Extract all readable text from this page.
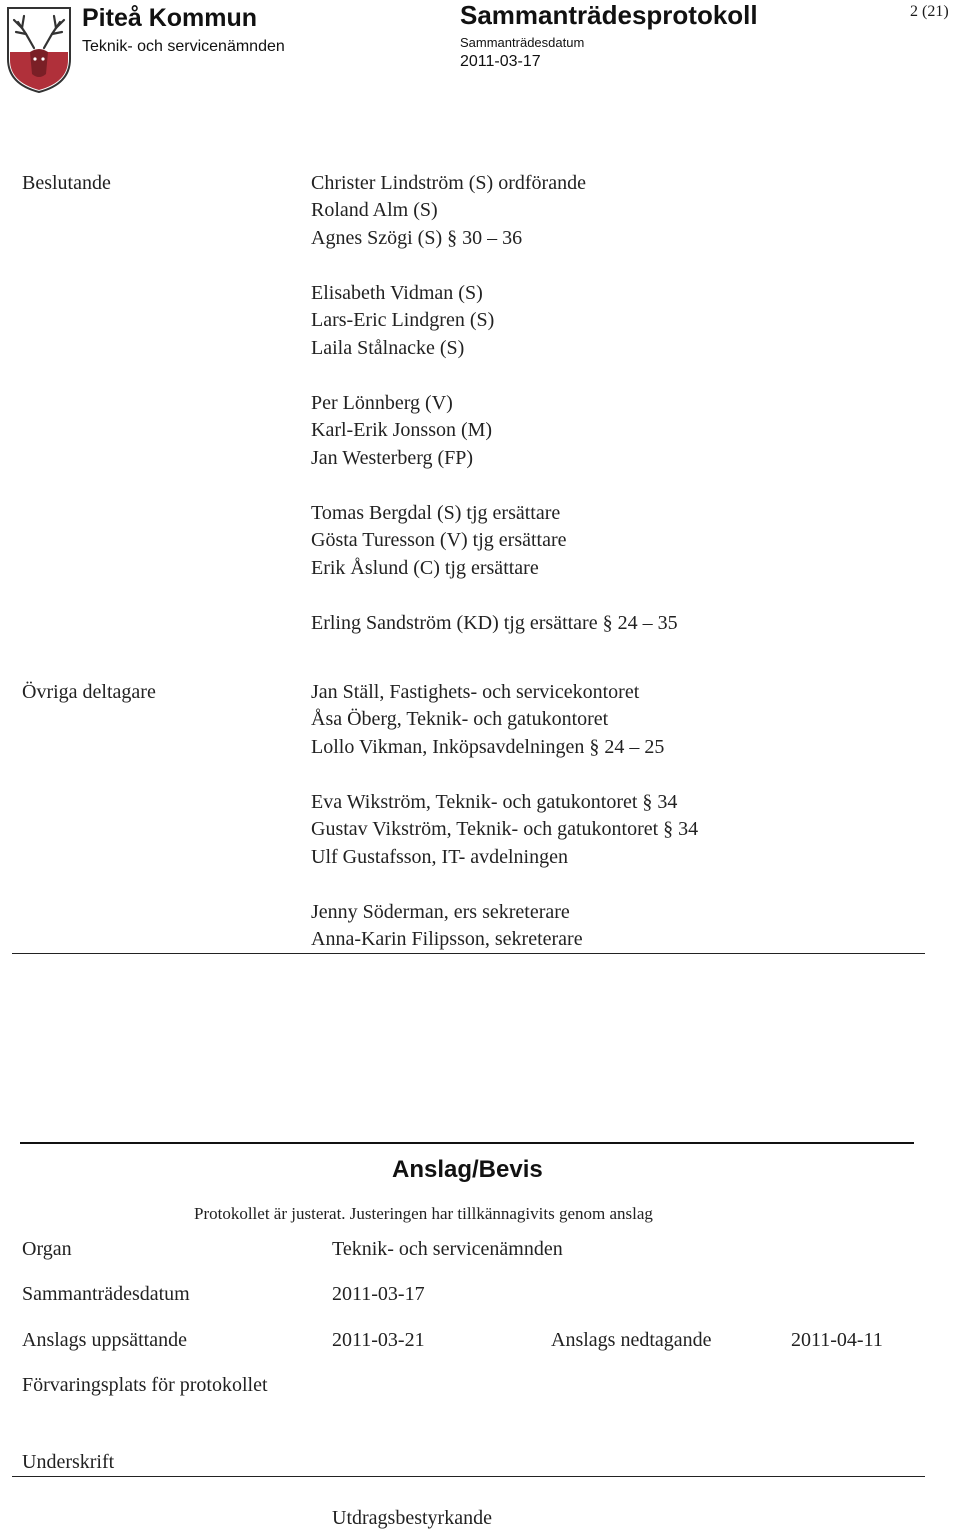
Piteå Kommun
Teknik- och servicenämnden
Sammanträdesprotokoll
Sammanträdesdatum
2011-03-17
2 (21)
Beslutande	Christer Lindström (S) ordförande
Roland Alm (S)
Agnes Szögi (S) § 30 – 36
Elisabeth Vidman (S)
Lars-Eric Lindgren (S)
Laila Stålnacke (S)
Per Lönnberg (V)
Karl-Erik Jonsson (M)
Jan Westerberg (FP)
Tomas Bergdal (S) tjg ersättare
Gösta Turesson (V) tjg ersättare
Erik Åslund (C) tjg ersättare
Erling Sandström (KD) tjg ersättare § 24 – 35
Övriga deltagare	Jan Ställ, Fastighets- och servicekontoret
Åsa Öberg, Teknik- och gatukontoret
Lollo Vikman, Inköpsavdelningen § 24 – 25
Eva Wikström, Teknik- och gatukontoret § 34
Gustav Vikström, Teknik- och gatukontoret § 34
Ulf Gustafsson, IT- avdelningen
Jenny Söderman, ers sekreterare
Anna-Karin Filipsson, sekreterare
Anslag/Bevis
Protokollet är justerat. Justeringen har tillkännagivits genom anslag
Organ	Teknik- och servicenämnden
Sammanträdesdatum	2011-03-17
Anslags uppsättande	2011-03-21	Anslags nedtagande	2011-04-11
Förvaringsplats för protokollet
Underskrift
Utdragsbestyrkande
